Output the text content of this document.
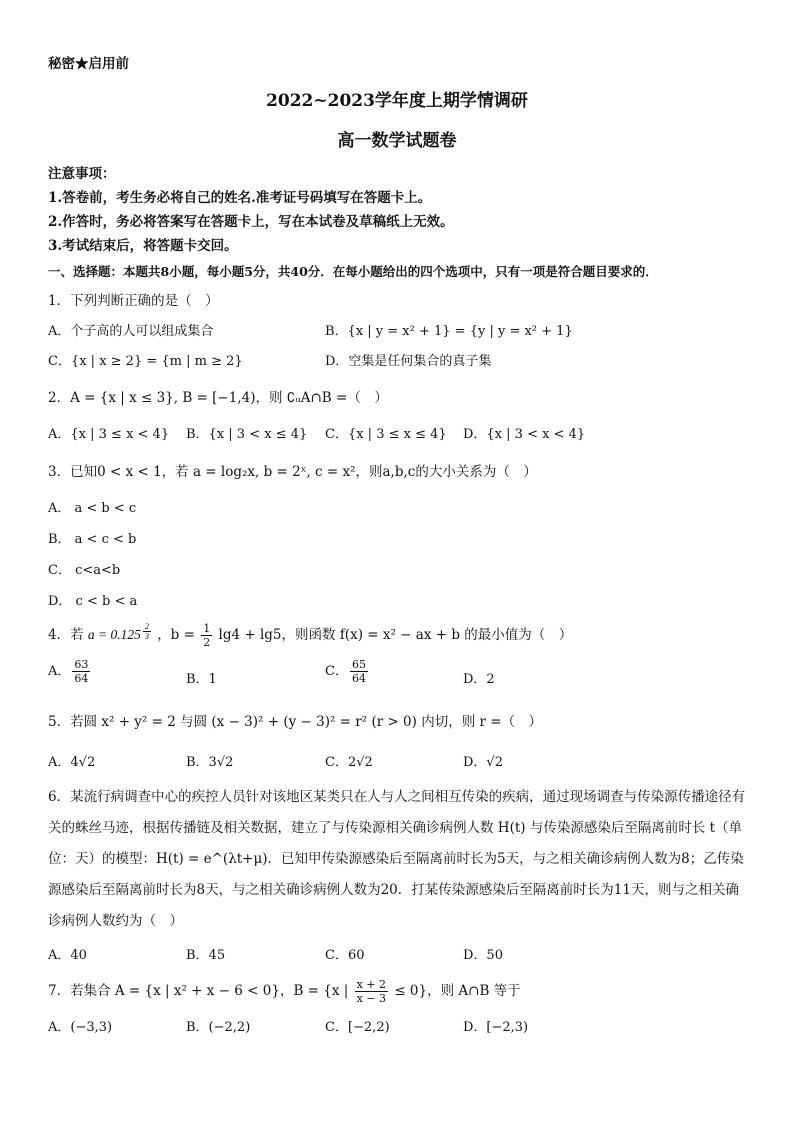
秘密★启用前
2022~2023学年度上期学情调研
高一数学试题卷
注意事项：
1.答卷前，考生务必将自己的姓名.准考证号码填写在答题卡上。
2.作答时，务必将答案写在答题卡上，写在本试卷及草稿纸上无效。
3.考试结束后，将答题卡交回。
一、选择题：本题共8小题，每小题5分，共40分．在每小题给出的四个选项中，只有一项是符合题目要求的．
1．下列判断正确的是（　）
A．个子高的人可以组成集合	B．{x | y = x² + 1} = {y | y = x² + 1}
C．{x | x ≥ 2} = {m | m ≥ 2}	D．空集是任何集合的真子集
2．A = {x | x ≤ 3}, B = [−1,4)，则 ∁ᵤA∩B =（　）
A．{x | 3 ≤ x < 4} B．{x | 3 < x ≤ 4} C．{x | 3 ≤ x ≤ 4} D．{x | 3 < x < 4}
3．已知0 < x < 1，若 a = log₂x, b = 2ˣ, c = x²，则a,b,c的大小关系为（　）
A． a < b < c
B． a < c < b
C． c<a<b
D． c < b < a
4．若 a = 0.125 $^{\frac{2}{3}}$ ，$b = \frac{1}{2} \lg 4 + \lg 5$，则函数 f(x) = x² − ax + b 的最小值为（　）
A． $\frac{63}{64}$	B．1
C． $\frac{65}{64}$	D．2
5．若圆 x² + y² = 2 与圆 (x − 3)² + (y − 3)² = r² (r > 0) 内切，则 r =（　）
A．4√2	B．3√2	C．2√2	D．√2
6．某流行病调查中心的疾控人员针对该地区某类只在人与人之间相互传染的疾病，通过现场调查与传染源传播途径有关的蛛丝马迹，根据传播链及相关数据，建立了与传染源相关确诊病例人数 H(t) 与传染源感染后至隔离前时长 t（单位：天）的模型：H(t) = e^(λt+μ)．已知甲传染源感染后至隔离前时长为5天，与之相关确诊病例人数为8；乙传染源感染后至隔离前时长为8天，与之相关确诊病例人数为20．打某传染源感染后至隔离前时长为11天，则与之相关确诊病例人数约为（　）
A．40	B．45	C．60	D．50
7．若集合 A = {x | x² + x − 6 < 0}，B = {x | $\frac{x + 2}{x - 3} \le 0$}，则 A∩B 等于
A．(−3,3)	B．(−2,2)	C．[−2,2)	D．[−2,3)
